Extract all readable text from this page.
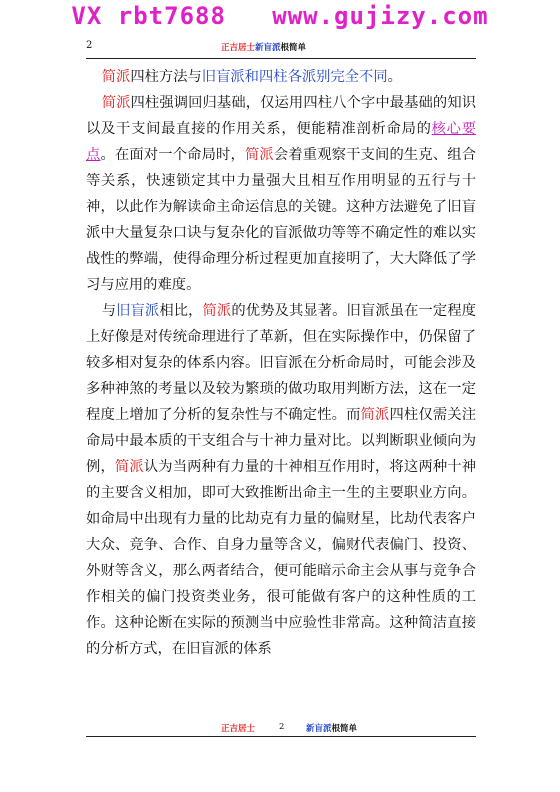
VX rbt7688   www.gujizy.com
2	正吉居士新盲派根简单

简派四柱方法与旧盲派和四柱各派别完全不同。

简派四柱强调回归基础，仅运用四柱八个字中最基础的知识以及干支间最直接的作用关系，便能精准剖析命局的核心要点。在面对一个命局时，简派会着重观察干支间的生克、组合等关系，快速锁定其中力量强大且相互作用明显的五行与十神，以此作为解读命主命运信息的关键。这种方法避免了旧盲派中大量复杂口诀与复杂化的盲派做功等等不确定性的难以实战性的弊端，使得命理分析过程更加直接明了，大大降低了学习与应用的难度。

与旧盲派相比，简派的优势及其显著。旧盲派虽在一定程度上好像是对传统命理进行了革新，但在实际操作中，仍保留了较多相对复杂的体系内容。旧盲派在分析命局时，可能会涉及多种神煞的考量以及较为繁琐的做功取用判断方法，这在一定程度上增加了分析的复杂性与不确定性。而简派四柱仅需关注命局中最本质的干支组合与十神力量对比。以判断职业倾向为例，简派认为当两种有力量的十神相互作用时，将这两种十神的主要含义相加，即可大致推断出命主一生的主要职业方向。如命局中出现有力量的比劫克有力量的偏财星，比劫代表客户大众、竞争、合作、自身力量等含义，偏财代表偏门、投资、外财等含义，那么两者结合，便可能暗示命主会从事与竞争合作相关的偏门投资类业务，很可能做有客户的这种性质的工作。这种论断在实际的预测当中应验性非常高。这种简洁直接的分析方式，在旧盲派的体系

正吉居士	2	新盲派根简单
